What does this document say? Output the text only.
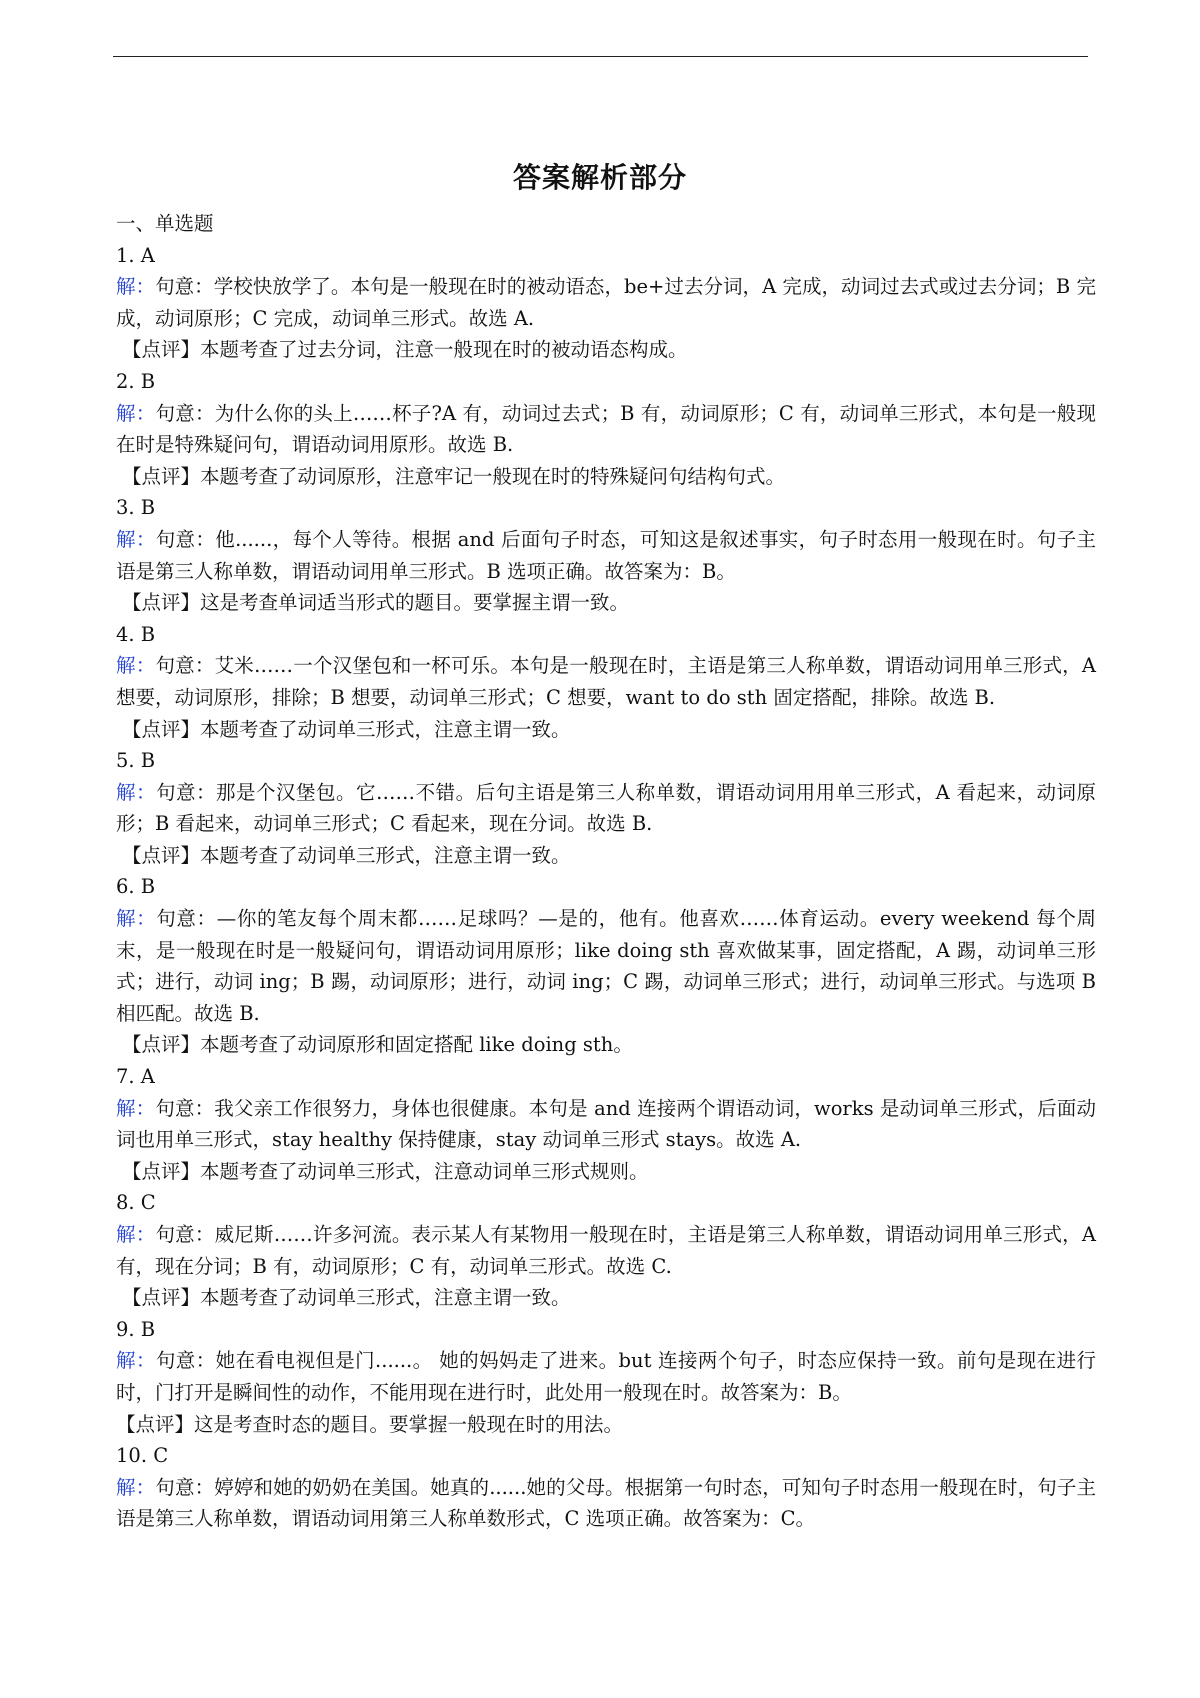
答案解析部分

一、单选题

1. A

解：句意：学校快放学了。本句是一般现在时的被动语态，be+过去分词，A 完成，动词过去式或过去分词；B 完成，动词原形；C 完成，动词单三形式。故选 A.

【点评】本题考查了过去分词，注意一般现在时的被动语态构成。

2. B

解：句意：为什么你的头上……杯子?A 有，动词过去式；B 有，动词原形；C 有，动词单三形式，本句是一般现在时是特殊疑问句，谓语动词用原形。故选 B.

【点评】本题考查了动词原形，注意牢记一般现在时的特殊疑问句结构句式。

3. B

解：句意：他......，每个人等待。根据 and 后面句子时态，可知这是叙述事实，句子时态用一般现在时。句子主语是第三人称单数，谓语动词用单三形式。B 选项正确。故答案为：B。

【点评】这是考查单词适当形式的题目。要掌握主谓一致。

4. B

解：句意：艾米……一个汉堡包和一杯可乐。本句是一般现在时，主语是第三人称单数，谓语动词用单三形式，A 想要，动词原形，排除；B 想要，动词单三形式；C 想要，want to do sth 固定搭配，排除。故选 B.

【点评】本题考查了动词单三形式，注意主谓一致。

5. B

解：句意：那是个汉堡包。它……不错。后句主语是第三人称单数，谓语动词用用单三形式，A 看起来，动词原形；B 看起来，动词单三形式；C 看起来，现在分词。故选 B.

【点评】本题考查了动词单三形式，注意主谓一致。

6. B

解：句意：—你的笔友每个周末都……足球吗？—是的，他有。他喜欢……体育运动。every weekend 每个周末，是一般现在时是一般疑问句，谓语动词用原形；like doing sth 喜欢做某事，固定搭配，A 踢，动词单三形式；进行，动词 ing；B 踢，动词原形；进行，动词 ing；C 踢，动词单三形式；进行，动词单三形式。与选项 B 相匹配。故选 B.

【点评】本题考查了动词原形和固定搭配 like doing sth。

7. A

解：句意：我父亲工作很努力，身体也很健康。本句是 and 连接两个谓语动词，works 是动词单三形式，后面动词也用单三形式，stay healthy 保持健康，stay 动词单三形式 stays。故选 A.

【点评】本题考查了动词单三形式，注意动词单三形式规则。

8. C

解：句意：威尼斯……许多河流。表示某人有某物用一般现在时，主语是第三人称单数，谓语动词用单三形式，A 有，现在分词；B 有，动词原形；C 有，动词单三形式。故选 C.

【点评】本题考查了动词单三形式，注意主谓一致。

9. B

解：句意：她在看电视但是门......。 她的妈妈走了进来。but 连接两个句子，时态应保持一致。前句是现在进行时，门打开是瞬间性的动作，不能用现在进行时，此处用一般现在时。故答案为：B。

【点评】这是考查时态的题目。要掌握一般现在时的用法。

10. C

解：句意：婷婷和她的奶奶在美国。她真的......她的父母。根据第一句时态，可知句子时态用一般现在时，句子主语是第三人称单数，谓语动词用第三人称单数形式，C 选项正确。故答案为：C。
